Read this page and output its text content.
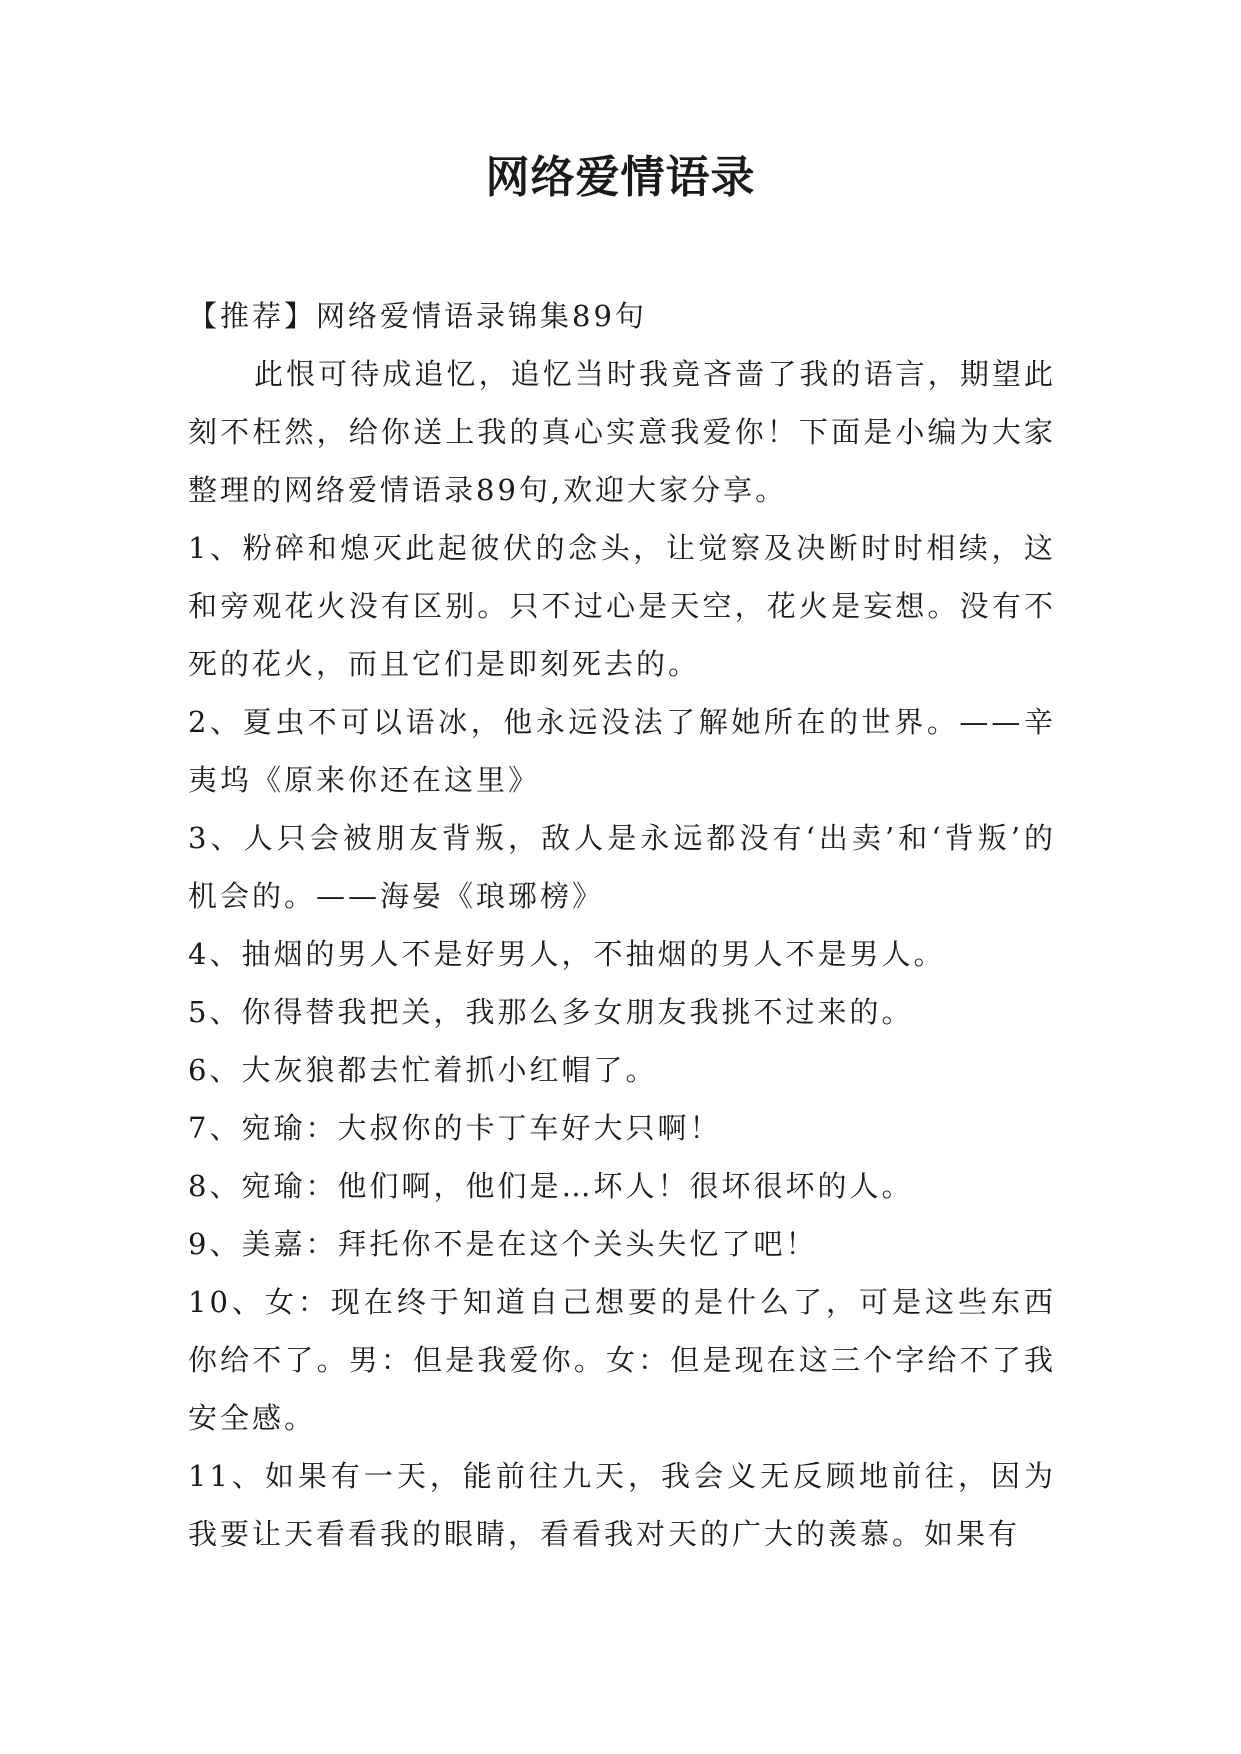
网络爱情语录

【推荐】网络爱情语录锦集89句

此恨可待成追忆，追忆当时我竟吝啬了我的语言，期望此刻不枉然，给你送上我的真心实意我爱你！下面是小编为大家整理的网络爱情语录89句,欢迎大家分享。

1、粉碎和熄灭此起彼伏的念头，让觉察及决断时时相续，这和旁观花火没有区别。只不过心是天空，花火是妄想。没有不死的花火，而且它们是即刻死去的。

2、夏虫不可以语冰，他永远没法了解她所在的世界。——辛夷坞《原来你还在这里》

3、人只会被朋友背叛，敌人是永远都没有‘出卖’和‘背叛’的机会的。——海晏《琅琊榜》

4、抽烟的男人不是好男人，不抽烟的男人不是男人。

5、你得替我把关，我那么多女朋友我挑不过来的。

6、大灰狼都去忙着抓小红帽了。

7、宛瑜：大叔你的卡丁车好大只啊！

8、宛瑜：他们啊，他们是…坏人！很坏很坏的人。

9、美嘉：拜托你不是在这个关头失忆了吧！

10、女：现在终于知道自己想要的是什么了，可是这些东西你给不了。男：但是我爱你。女：但是现在这三个字给不了我安全感。

11、如果有一天，能前往九天，我会义无反顾地前往，因为我要让天看看我的眼睛，看看我对天的广大的羡慕。如果有
